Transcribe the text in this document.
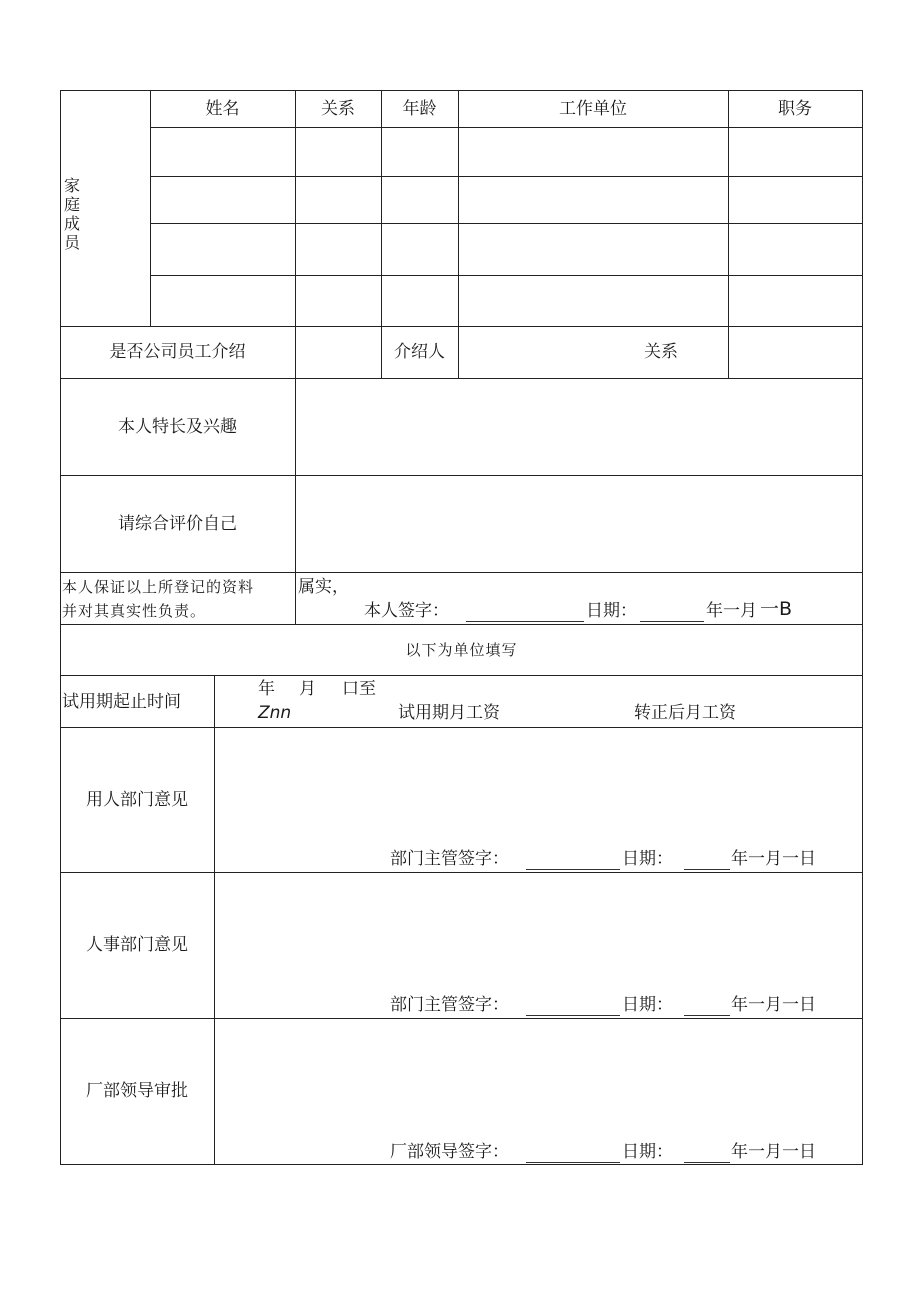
家
庭
成
员
姓名	关系	年龄	工作单位	职务
是否公司员工介绍	介绍人	关系
本人特长及兴趣
请综合评价自己
本人保证以上所登记的资料
并对其真实性负责。
属实，
本人签字：	日期：	年一月 一B
以下为单位填写
试用期起止时间
年 月 口至
Znn	试用期月工资	转正后月工资
用人部门意见
部门主管签字：	日期：	年一月一日
人事部门意见
部门主管签字：	日期：	年一月一日
厂部领导审批
厂部领导签字：	日期：	年一月一日
